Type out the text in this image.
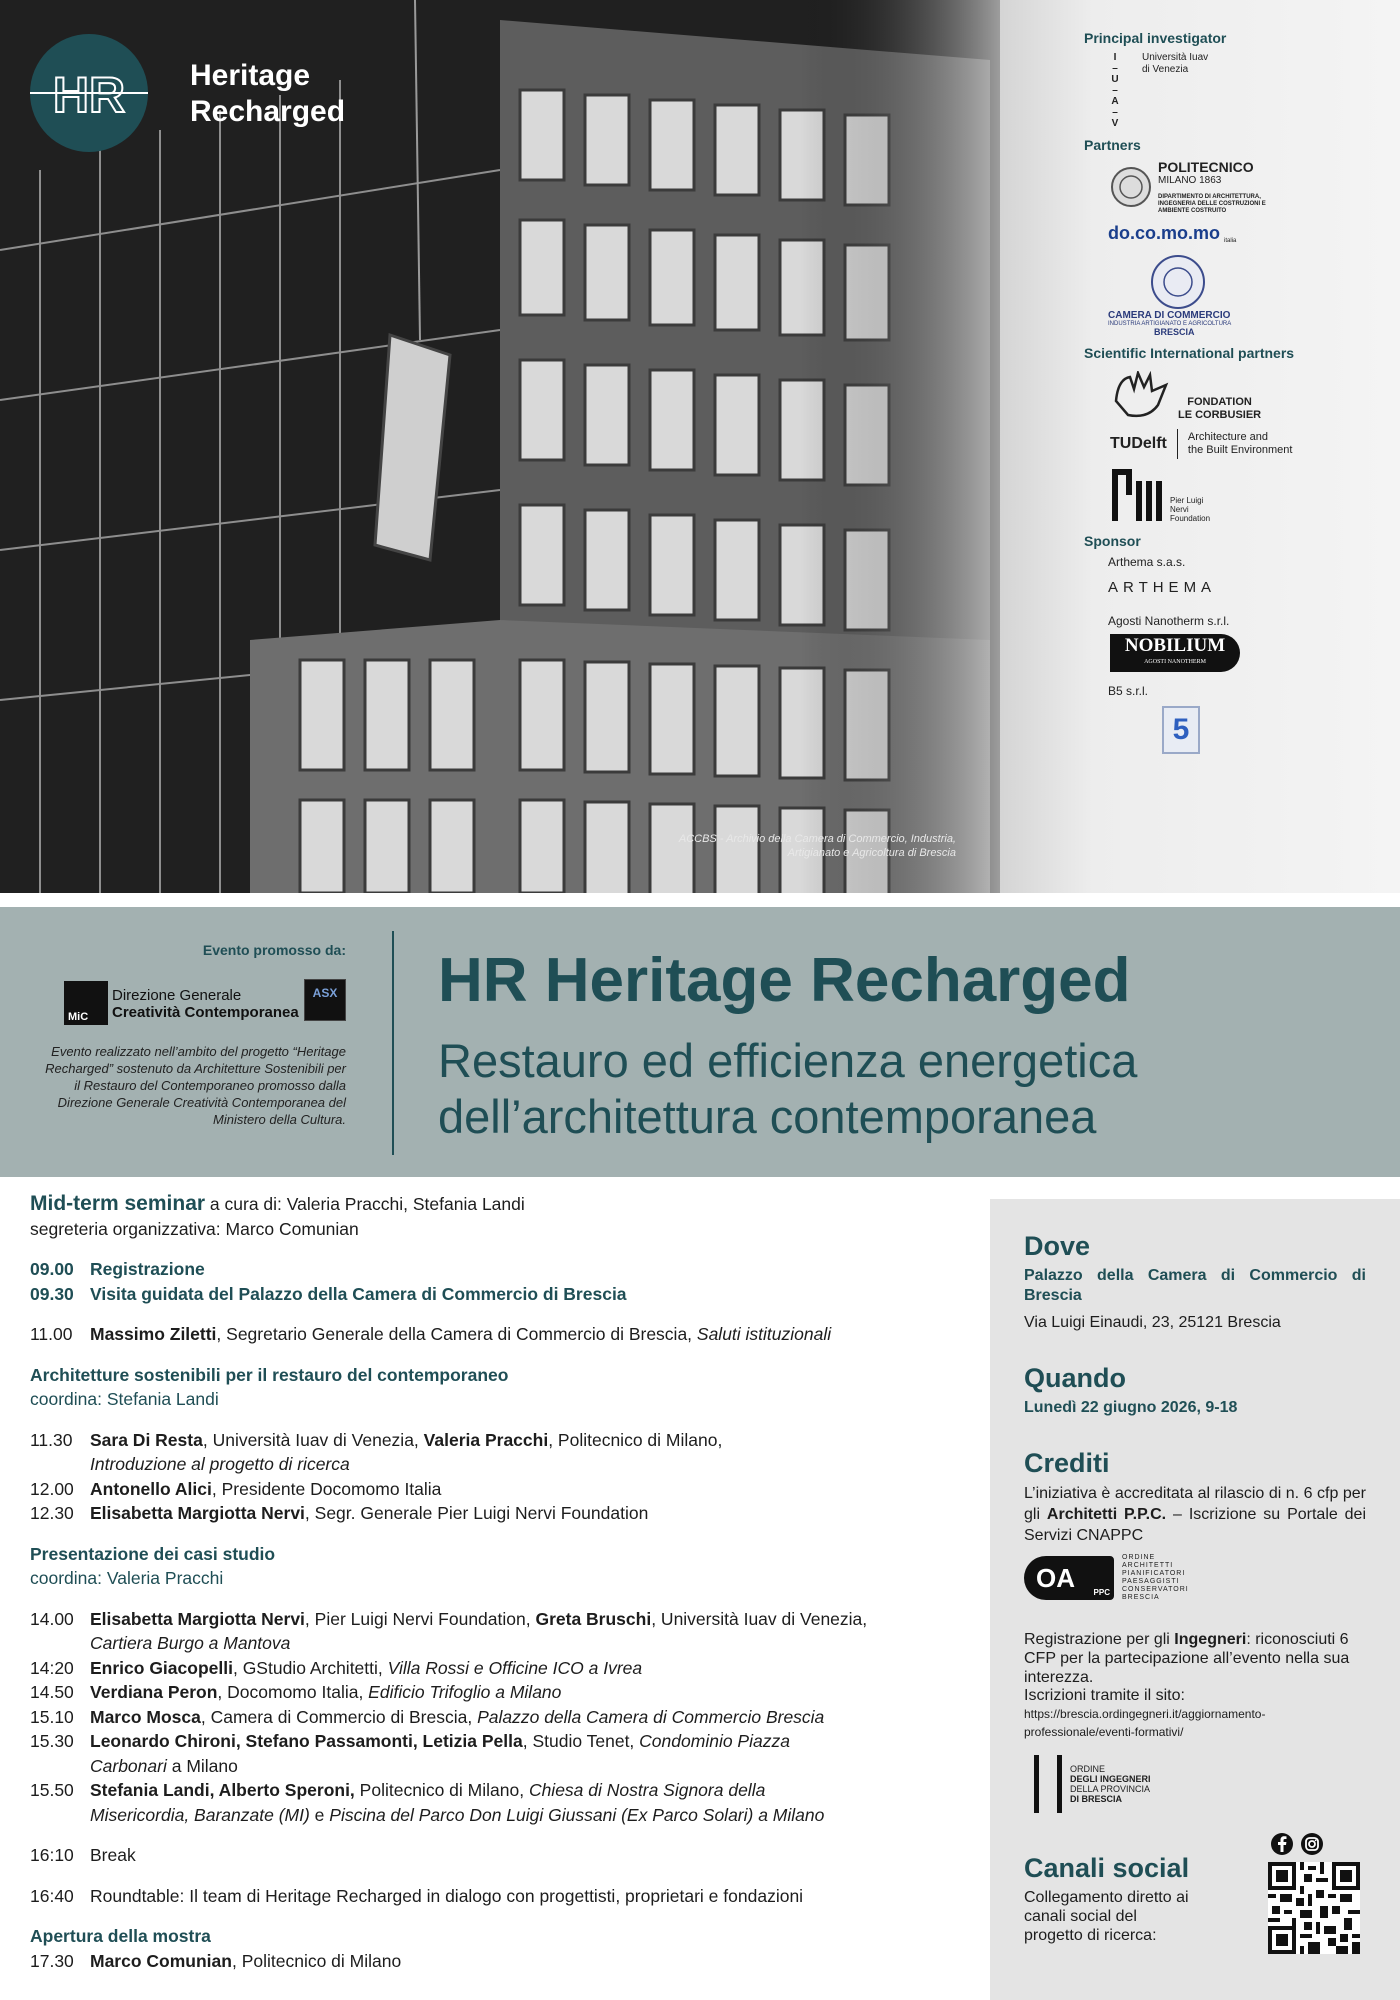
HR Heritage
Recharged
ACCBS - Archivio della Camera di Commercio, Industria,
Artigianato e Agricoltura di Brescia
Principal investigator
I
–
U
–
A
–
V
Università Iuav
di Venezia
Partners
POLITECNICO
MILANO 1863
DIPARTIMENTO DI ARCHITETTURA, INGEGNERIA DELLE COSTRUZIONI E AMBIENTE COSTRUITO
do.co.mo.mo italia
CAMERA DI COMMERCIO
INDUSTRIA ARTIGIANATO E AGRICOLTURA
BRESCIA
Scientific International partners
FONDATION
LE CORBUSIER
TUDelft Architecture and
the Built Environment
Pier Luigi
Nervi
Foundation
Sponsor
Arthema s.a.s.
ARTHEMA
Agosti Nanotherm s.r.l.
NOBILIUM
AGOSTI NANOTHERM
B5 s.r.l.
5
Evento promosso da:
MiC
Direzione Generale
Creatività Contemporanea
ASX
Evento realizzato nell’ambito del progetto “Heritage Recharged” sostenuto da Architetture Sostenibili per il Restauro del Contemporaneo promosso dalla Direzione Generale Creatività Contemporanea del Ministero della Cultura.
HR Heritage Recharged
Restauro ed efficienza energetica
dell’architettura contemporanea
Mid-term seminar a cura di: Valeria Pracchi, Stefania Landi
segreteria organizzativa: Marco Comunian
09.00 Registrazione
09.30 Visita guidata del Palazzo della Camera di Commercio di Brescia
11.00	Massimo Ziletti, Segretario Generale della Camera di Commercio di Brescia, Saluti istituzionali
Architetture sostenibili per il restauro del contemporaneo
coordina: Stefania Landi
11.30	Sara Di Resta, Università Iuav di Venezia, Valeria Pracchi, Politecnico di Milano,
Introduzione al progetto di ricerca
12.00 Antonello Alici, Presidente Docomomo Italia
12.30 Elisabetta Margiotta Nervi, Segr. Generale Pier Luigi Nervi Foundation
Presentazione dei casi studio
coordina: Valeria Pracchi
14.00 Elisabetta Margiotta Nervi, Pier Luigi Nervi Foundation, Greta Bruschi, Università Iuav di Venezia,
Cartiera Burgo a Mantova
14:20 Enrico Giacopelli, GStudio Architetti, Villa Rossi e Officine ICO a Ivrea
14.50 Verdiana Peron, Docomomo Italia, Edificio Trifoglio a Milano
15.10 Marco Mosca, Camera di Commercio di Brescia, Palazzo della Camera di Commercio Brescia
15.30 Leonardo Chironi, Stefano Passamonti, Letizia Pella, Studio Tenet, Condominio Piazza
Carbonari a Milano
15.50 Stefania Landi, Alberto Speroni, Politecnico di Milano, Chiesa di Nostra Signora della
Misericordia, Baranzate (MI) e Piscina del Parco Don Luigi Giussani (Ex Parco Solari) a Milano
16:10 Break
16:40 Roundtable: Il team di Heritage Recharged in dialogo con progettisti, proprietari e fondazioni
Apertura della mostra
17.30 Marco Comunian, Politecnico di Milano
Dove
Palazzo della Camera di Commercio di Brescia
Via Luigi Einaudi, 23, 25121 Brescia
Quando
Lunedì 22 giugno 2026, 9-18
Crediti
L’iniziativa è accreditata al rilascio di n. 6 cfp per gli Architetti P.P.C. – Iscrizione su Portale dei Servizi CNAPPC
OA PPC
ORDINE
ARCHITETTI
PIANIFICATORI
PAESAGGISTI
CONSERVATORI
BRESCIA
Registrazione per gli Ingegneri: riconosciuti 6 CFP per la partecipazione all’evento nella sua interezza.
Iscrizioni tramite il sito: https://brescia.ordingegneri.it/aggiornamento-professionale/eventi-formativi/
ORDINE
DEGLI INGEGNERI
DELLA PROVINCIA
DI BRESCIA
Canali social
Collegamento diretto ai canali social del progetto di ricerca:
